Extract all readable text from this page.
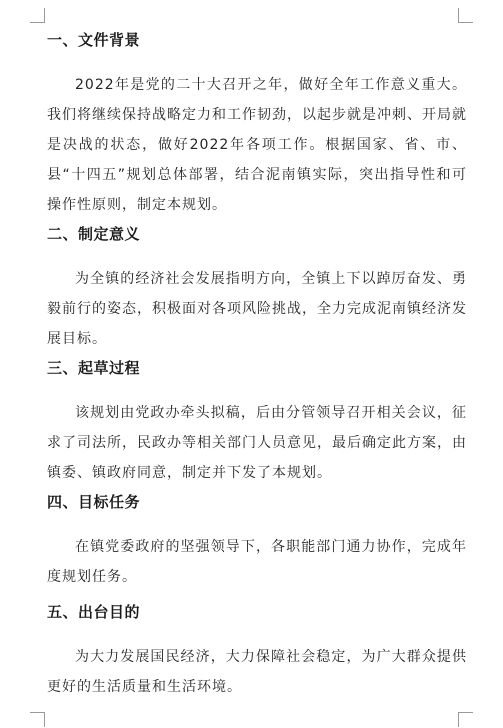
一、文件背景

2022年是党的二十大召开之年，做好全年工作意义重大。我们将继续保持战略定力和工作韧劲，以起步就是冲刺、开局就是决战的状态，做好2022年各项工作。根据国家、省、市、县“十四五”规划总体部署，结合泥南镇实际，突出指导性和可操作性原则，制定本规划。

二、制定意义

为全镇的经济社会发展指明方向，全镇上下以踔厉奋发、勇毅前行的姿态，积极面对各项风险挑战，全力完成泥南镇经济发展目标。

三、起草过程

该规划由党政办牵头拟稿，后由分管领导召开相关会议，征求了司法所，民政办等相关部门人员意见，最后确定此方案，由镇委、镇政府同意，制定并下发了本规划。

四、目标任务

在镇党委政府的坚强领导下，各职能部门通力协作，完成年度规划任务。

五、出台目的

为大力发展国民经济，大力保障社会稳定，为广大群众提供更好的生活质量和生活环境。
